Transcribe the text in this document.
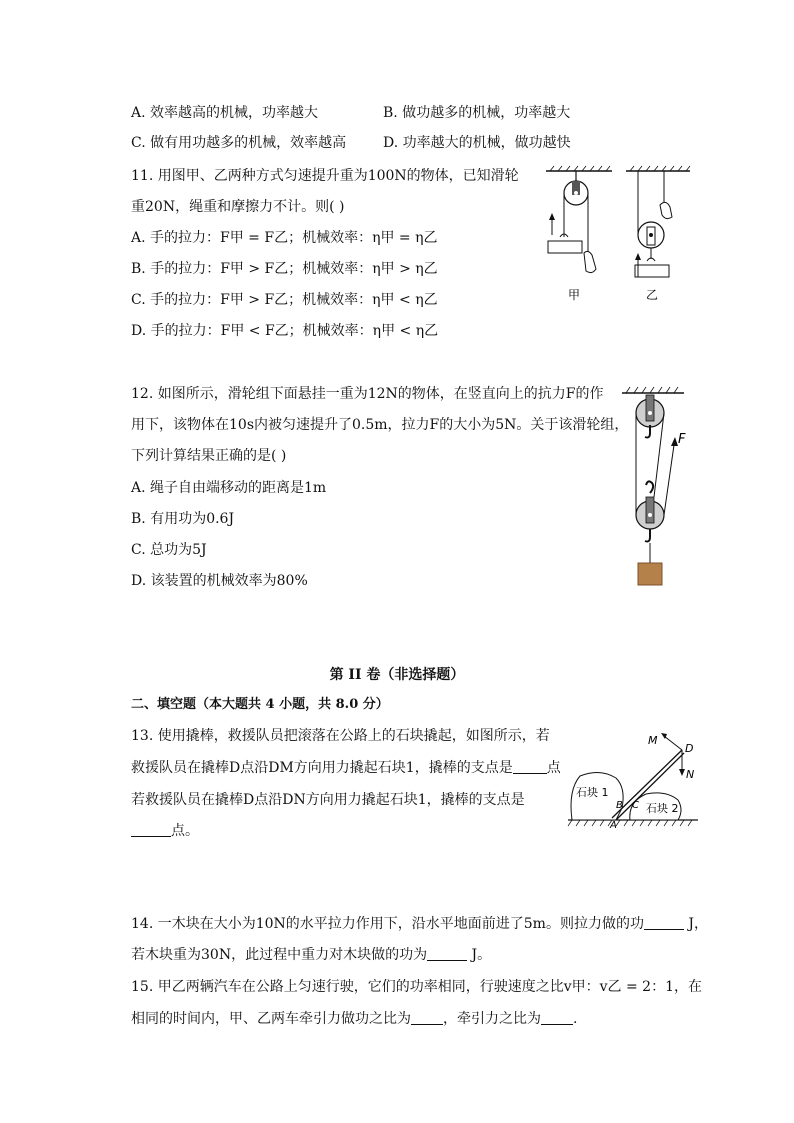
A. 效率越高的机械，功率越大	B. 做功越多的机械，功率越大
C. 做有用功越多的机械，效率越高	D. 功率越大的机械，做功越快
11. 用图甲、乙两种方式匀速提升重为100N的物体，已知滑轮
重20N，绳重和摩擦力不计。则( )
A. 手的拉力：F甲 = F乙；机械效率：η甲 = η乙
B. 手的拉力：F甲 > F乙；机械效率：η甲 > η乙
C. 手的拉力：F甲 > F乙；机械效率：η甲 < η乙
D. 手的拉力：F甲 < F乙；机械效率：η甲 < η乙
甲	乙
12. 如图所示，滑轮组下面悬挂一重为12N的物体，在竖直向上的抗力F的作
用下，该物体在10s内被匀速提升了0.5m，拉力F的大小为5N。关于该滑轮组，
下列计算结果正确的是( )
A. 绳子自由端移动的距离是1m
B. 有用功为0.6J
C. 总功为5J
D. 该装置的机械效率为80%
F
第 II 卷（非选择题）
二、填空题（本大题共 4 小题，共 8.0 分）
13. 使用撬棒，救援队员把滚落在公路上的石块撬起，如图所示，若
救援队员在撬棒D点沿DM方向用力撬起石块1，撬棒的支点是 点
若救援队员在撬棒D点沿DN方向用力撬起石块1，撬棒的支点是
点。
石块 1
石块 2
M
D
N
B C
A
14. 一木块在大小为10N的水平拉力作用下，沿水平地面前进了5m。则拉力做的功	J，
若木块重为30N，此过程中重力对木块做的功为	J。
15. 甲乙两辆汽车在公路上匀速行驶，它们的功率相同，行驶速度之比v甲：v乙 = 2：1，在
相同的时间内，甲、乙两车牵引力做功之比为 ，牵引力之比为 .
